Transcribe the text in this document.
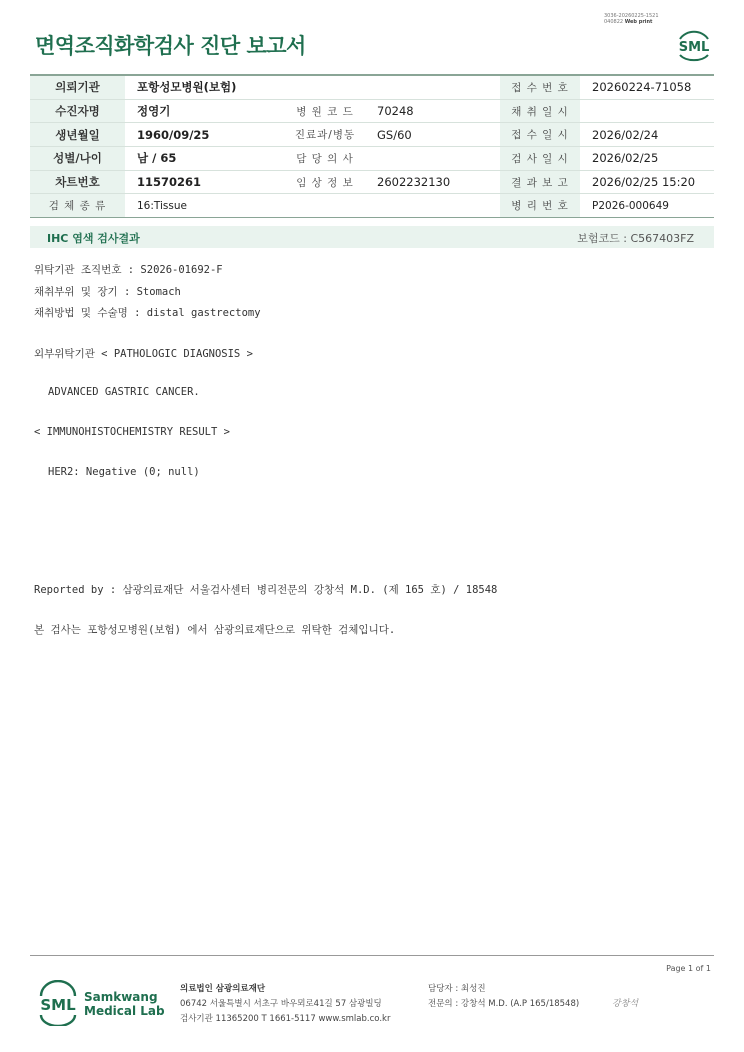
3036-20260225-1521
040822 Web print
면역조직화학검사 진단 보고서	SML
의뢰기관	포항성모병원(보험)			접 수 번 호	20260224-71058
수진자명	정영기	병 원 코 드	70248	채 취 일 시	
생년월일	1960/09/25	진료과/병동	GS/60	접 수 일 시	2026/02/24
성별/나이	남 / 65	담 당 의 사		검 사 일 시	2026/02/25
차트번호	11570261	임 상 정 보	2602232130	결 과 보 고	2026/02/25 15:20
검 체 종 류	16:Tissue			병 리 번 호	P2026-000649
IHC 염색 검사결과	보험코드 : C567403FZ
위탁기관 조직번호 : S2026-01692-F
채취부위 및 장기 : Stomach
채취방법 및 수술명 : distal gastrectomy
외부위탁기관 < PATHOLOGIC DIAGNOSIS >
ADVANCED GASTRIC CANCER.
< IMMUNOHISTOCHEMISTRY RESULT >
HER2: Negative (0; null)
Reported by : 삼광의료재단 서울검사센터 병리전문의 강창석 M.D. (제 165 호) / 18548
본 검사는 포항성모병원(보험) 에서 삼광의료재단으로 위탁한 검체입니다.
Page 1 of 1
SML Samkwang
Medical Lab
의료법인 삼광의료재단
06742 서울특별시 서초구 바우뫼로41길 57 삼광빌딩
검사기관 11365200 T 1661-5117 www.smlab.co.kr
담당자 : 최성진
전문의 : 강창석 M.D. (A.P 165/18548)	강창석
